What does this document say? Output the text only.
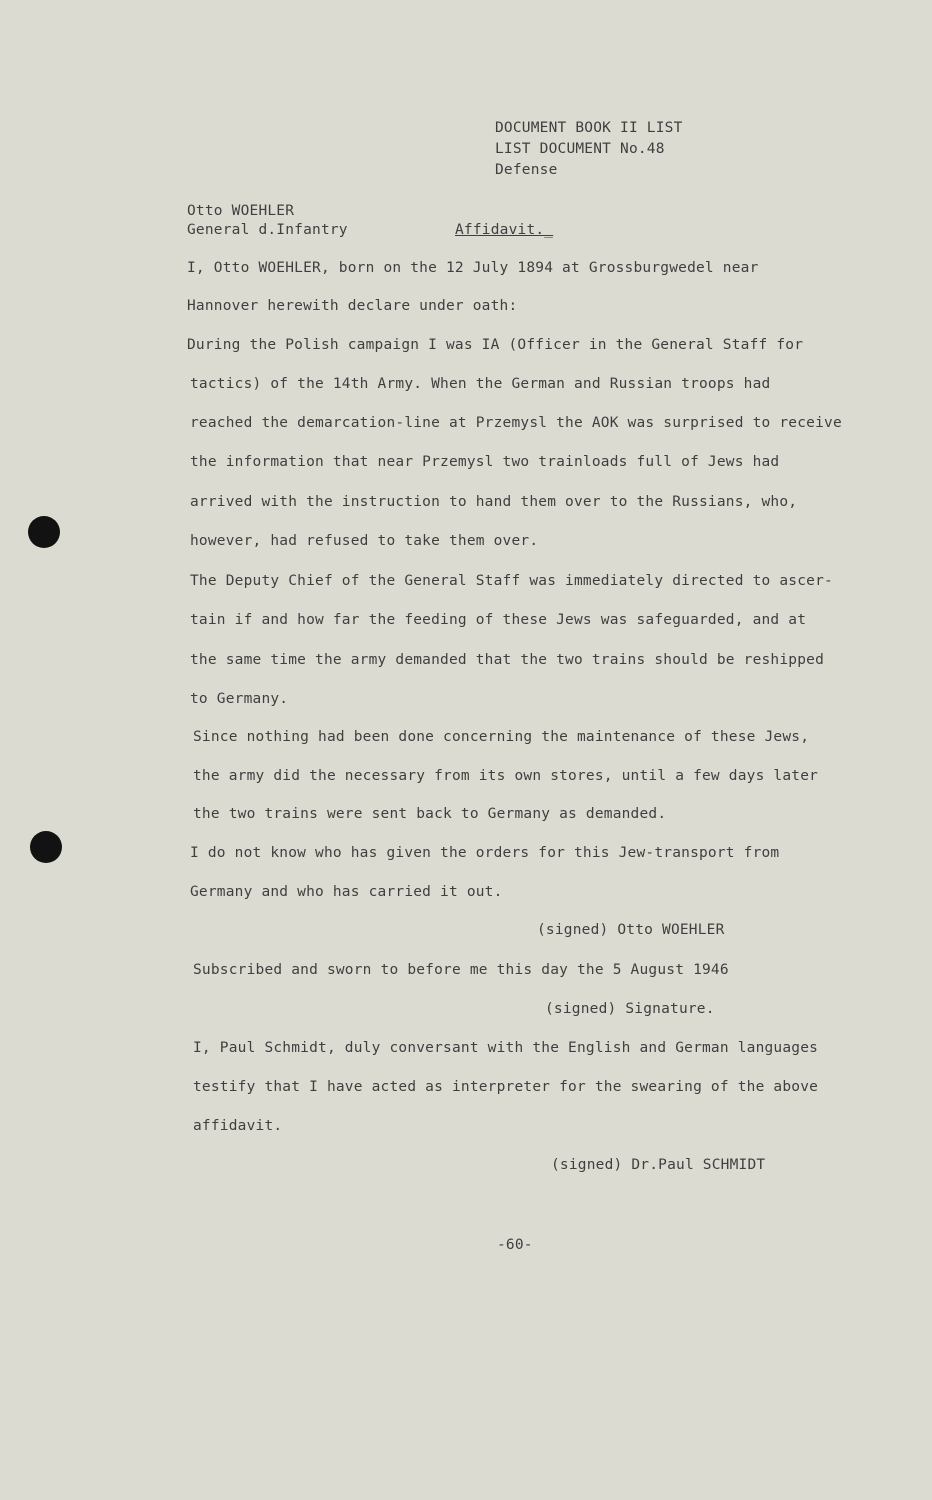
DOCUMENT BOOK II LIST
LIST DOCUMENT No.48
Defense
Otto WOEHLER
General d.Infantry	Affidavit._
I, Otto WOEHLER, born on the 12 July 1894 at Grossburgwedel near
Hannover herewith declare under oath:
During the Polish campaign I was IA (Officer in the General Staff for
tactics) of the 14th Army. When the German and Russian troops had
reached the demarcation-line at Przemysl the AOK was surprised to receive
the information that near Przemysl two trainloads full of Jews had
arrived with the instruction to hand them over to the Russians, who,
however, had refused to take them over.
The Deputy Chief of the General Staff was immediately directed to ascer-
tain if and how far the feeding of these Jews was safeguarded, and at
the same time the army demanded that the two trains should be reshipped
to Germany.
Since nothing had been done concerning the maintenance of these Jews,
the army did the necessary from its own stores, until a few days later
the two trains were sent back to Germany as demanded.
I do not know who has given the orders for this Jew-transport from
Germany and who has carried it out.
(signed) Otto WOEHLER
Subscribed and sworn to before me this day the 5 August 1946
(signed) Signature.
I, Paul Schmidt, duly conversant with the English and German languages
testify that I have acted as interpreter for the swearing of the above
affidavit.
(signed) Dr.Paul SCHMIDT
-60-
